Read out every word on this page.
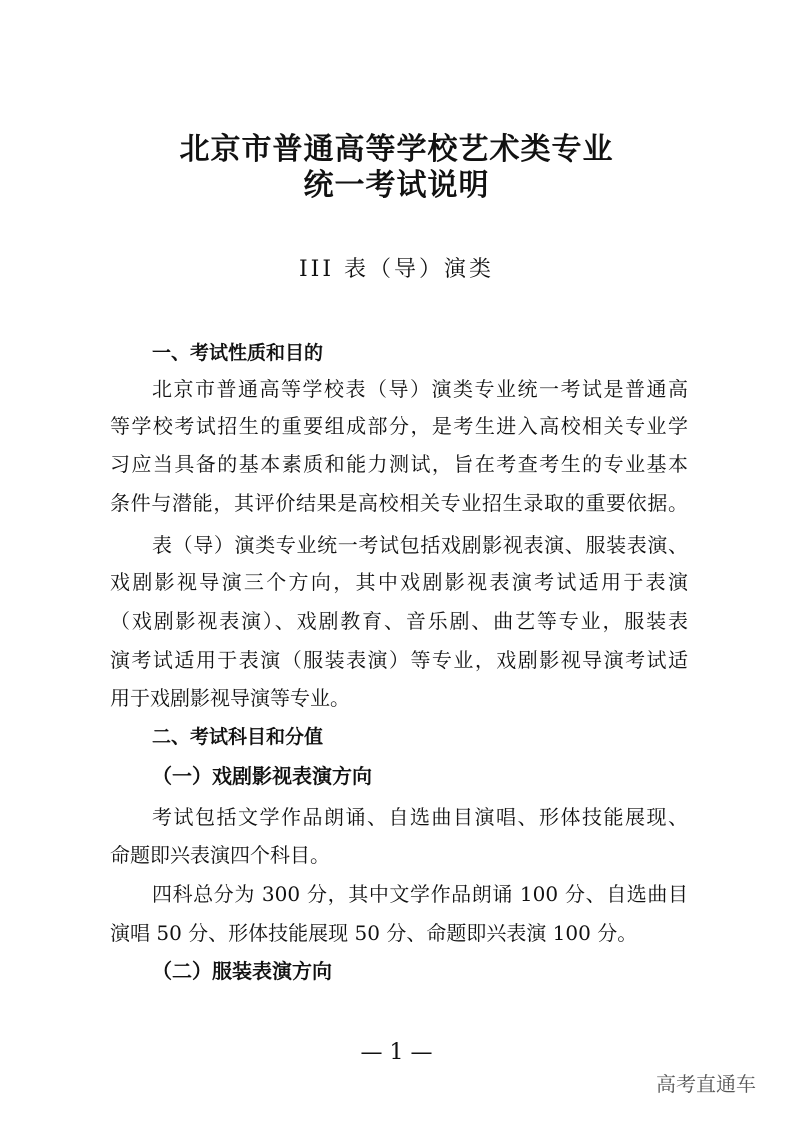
北京市普通高等学校艺术类专业
统一考试说明
III 表（导）演类
一、考试性质和目的
北京市普通高等学校表（导）演类专业统一考试是普通高
等学校考试招生的重要组成部分，是考生进入高校相关专业学
习应当具备的基本素质和能力测试，旨在考查考生的专业基本
条件与潜能，其评价结果是高校相关专业招生录取的重要依据。
表（导）演类专业统一考试包括戏剧影视表演、服装表演、
戏剧影视导演三个方向，其中戏剧影视表演考试适用于表演
（戏剧影视表演）、戏剧教育、音乐剧、曲艺等专业，服装表
演考试适用于表演（服装表演）等专业，戏剧影视导演考试适
用于戏剧影视导演等专业。
二、考试科目和分值
（一）戏剧影视表演方向
考试包括文学作品朗诵、自选曲目演唱、形体技能展现、
命题即兴表演四个科目。
四科总分为 300 分，其中文学作品朗诵 100 分、自选曲目
演唱 50 分、形体技能展现 50 分、命题即兴表演 100 分。
（二）服装表演方向
— 1 —
高考直通车
